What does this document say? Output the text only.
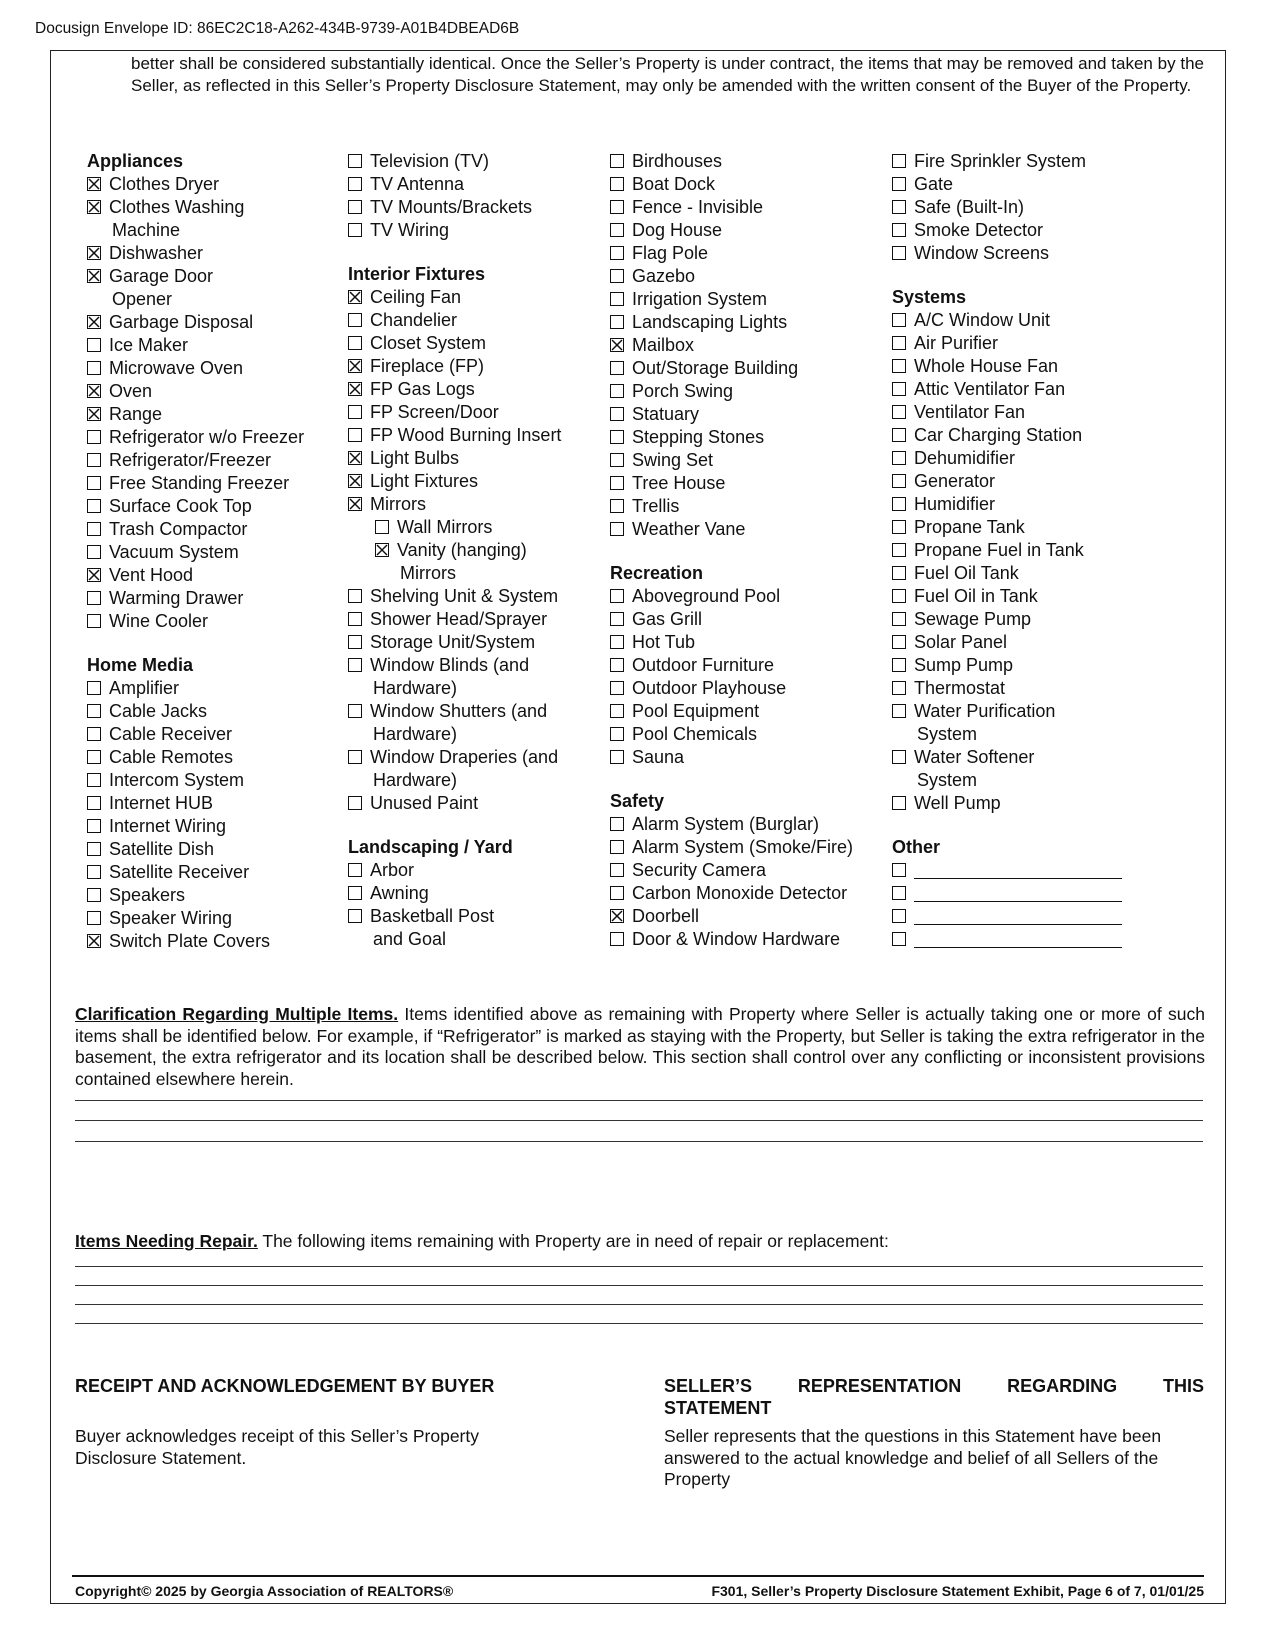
Docusign Envelope ID: 86EC2C18-A262-434B-9739-A01B4DBEAD6B
better shall be considered substantially identical. Once the Seller’s Property is under contract, the items that may be removed and taken by the Seller, as reflected in this Seller’s Property Disclosure Statement, may only be amended with the written consent of the Buyer of the Property.
Appliances
Clothes Dryer
Clothes Washing
Machine
Dishwasher
Garage Door
Opener
Garbage Disposal
Ice Maker
Microwave Oven
Oven
Range
Refrigerator w/o Freezer
Refrigerator/Freezer
Free Standing Freezer
Surface Cook Top
Trash Compactor
Vacuum System
Vent Hood
Warming Drawer
Wine Cooler
Home Media
Amplifier
Cable Jacks
Cable Receiver
Cable Remotes
Intercom System
Internet HUB
Internet Wiring
Satellite Dish
Satellite Receiver
Speakers
Speaker Wiring
Switch Plate Covers
Television (TV)
TV Antenna
TV Mounts/Brackets
TV Wiring
Interior Fixtures
Ceiling Fan
Chandelier
Closet System
Fireplace (FP)
FP Gas Logs
FP Screen/Door
FP Wood Burning Insert
Light Bulbs
Light Fixtures
Mirrors
Wall Mirrors
Vanity (hanging)
Mirrors
Shelving Unit & System
Shower Head/Sprayer
Storage Unit/System
Window Blinds (and
Hardware)
Window Shutters (and
Hardware)
Window Draperies (and
Hardware)
Unused Paint
Landscaping / Yard
Arbor
Awning
Basketball Post
and Goal
Birdhouses
Boat Dock
Fence - Invisible
Dog House
Flag Pole
Gazebo
Irrigation System
Landscaping Lights
Mailbox
Out/Storage Building
Porch Swing
Statuary
Stepping Stones
Swing Set
Tree House
Trellis
Weather Vane
Recreation
Aboveground Pool
Gas Grill
Hot Tub
Outdoor Furniture
Outdoor Playhouse
Pool Equipment
Pool Chemicals
Sauna
Safety
Alarm System (Burglar)
Alarm System (Smoke/Fire)
Security Camera
Carbon Monoxide Detector
Doorbell
Door & Window Hardware
Fire Sprinkler System
Gate
Safe (Built-In)
Smoke Detector
Window Screens
Systems
A/C Window Unit
Air Purifier
Whole House Fan
Attic Ventilator Fan
Ventilator Fan
Car Charging Station
Dehumidifier
Generator
Humidifier
Propane Tank
Propane Fuel in Tank
Fuel Oil Tank
Fuel Oil in Tank
Sewage Pump
Solar Panel
Sump Pump
Thermostat
Water Purification
System
Water Softener
System
Well Pump
Other
Clarification Regarding Multiple Items. Items identified above as remaining with Property where Seller is actually taking one or more of such items shall be identified below. For example, if “Refrigerator” is marked as staying with the Property, but Seller is taking the extra refrigerator in the basement, the extra refrigerator and its location shall be described below. This section shall control over any conflicting or inconsistent provisions contained elsewhere herein.
Items Needing Repair. The following items remaining with Property are in need of repair or replacement:
RECEIPT AND ACKNOWLEDGEMENT BY BUYER
Buyer acknowledges receipt of this Seller’s Property Disclosure Statement.
SELLER’S	REPRESENTATION	REGARDING	THIS
STATEMENT
Seller represents that the questions in this Statement have been answered to the actual knowledge and belief of all Sellers of the Property
Copyright© 2025 by Georgia Association of REALTORS®	F301, Seller’s Property Disclosure Statement Exhibit, Page 6 of 7, 01/01/25
